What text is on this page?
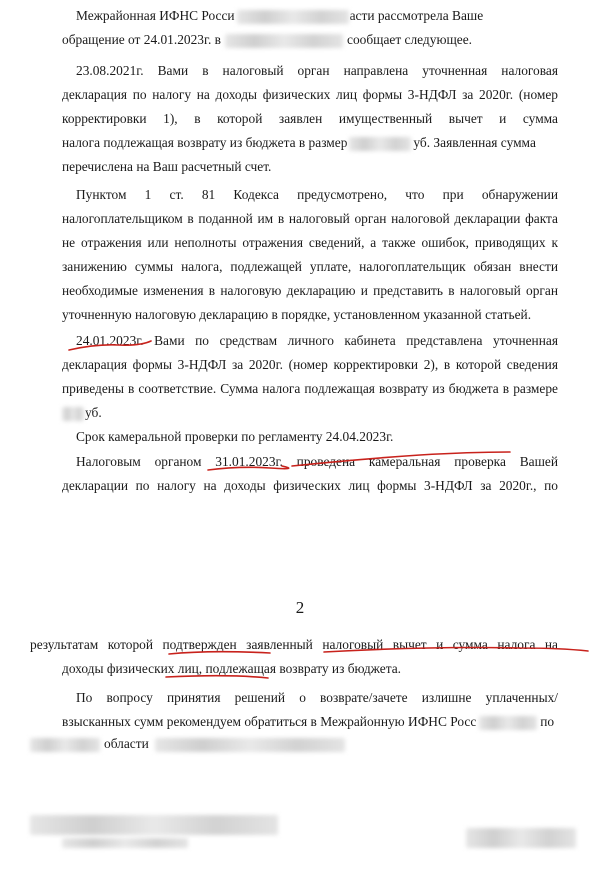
Межрайонная ИФНС Росси	асти рассмотрела Ваше
обращение от 24.01.2023г. в	сообщает следующее.
23.08.2021г. Вами в налоговый орган направлена уточненная налоговая
декларация по налогу на доходы физических лиц формы 3-НДФЛ за 2020г. (номер
корректировки 1), в которой заявлен имущественный вычет и сумма
налога подлежащая возврату из бюджета в размер	уб. Заявленная сумма
перечислена на Ваш расчетный счет.
Пунктом 1 ст. 81 Кодекса предусмотрено, что при обнаружении
налогоплательщиком в поданной им в налоговый орган налоговой декларации факта
не отражения или неполноты отражения сведений, а также ошибок, приводящих к
занижению суммы налога, подлежащей уплате, налогоплательщик обязан внести
необходимые изменения в налоговую декларацию и представить в налоговый орган
уточненную налоговую декларацию в порядке, установленном указанной статьей.
24.01.2023г. Вами по средствам личного кабинета представлена уточненная
декларация формы 3-НДФЛ за 2020г. (номер корректировки 2), в которой сведения
приведены в соответствие. Сумма налога подлежащая возврату из бюджета в размере
уб.
Срок камеральной проверки по регламенту 24.04.2023г.
Налоговым органом 31.01.2023г. проведена камеральная проверка Вашей
декларации по налогу на доходы физических лиц формы 3-НДФЛ за 2020г., по
2
результатам которой подтвержден заявленный налоговый вычет и сумма налога на
доходы физических лиц, подлежащая возврату из бюджета.
По вопросу принятия решений о возврате/зачете излишне уплаченных/
взысканных сумм рекомендуем обратиться в Межрайонную ИФНС Росс	по
области
